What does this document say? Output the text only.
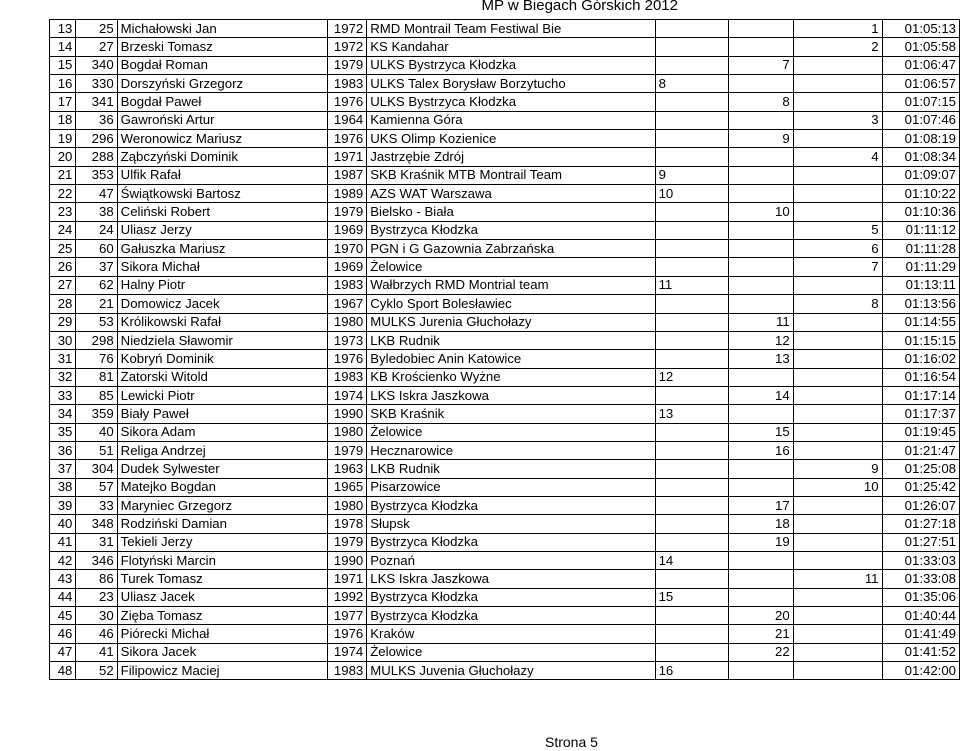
MP w Biegach Górskich 2012
13	25	Michałowski Jan	1972	RMD Montrail Team Festiwal Bie			1	01:05:13
14	27	Brzeski Tomasz	1972	KS Kandahar			2	01:05:58
15	340	Bogdał Roman	1979	ULKS Bystrzyca Kłodzka		7		01:06:47
16	330	Dorszyński Grzegorz	1983	ULKS Talex Borysław Borzytucho	8			01:06:57
17	341	Bogdał Paweł	1976	ULKS Bystrzyca Kłodzka		8		01:07:15
18	36	Gawroński Artur	1964	Kamienna Góra			3	01:07:46
19	296	Weronowicz Mariusz	1976	UKS Olimp Kozienice		9		01:08:19
20	288	Ząbczyński Dominik	1971	Jastrzębie Zdrój			4	01:08:34
21	353	Ulfik Rafał	1987	SKB Kraśnik MTB Montrail Team	9			01:09:07
22	47	Świątkowski Bartosz	1989	AZS WAT Warszawa	10			01:10:22
23	38	Celiński Robert	1979	Bielsko - Biała		10		01:10:36
24	24	Uliasz Jerzy	1969	Bystrzyca Kłodzka			5	01:11:12
25	60	Gałuszka Mariusz	1970	PGN i G Gazownia Zabrzańska			6	01:11:28
26	37	Sikora Michał	1969	Żelowice			7	01:11:29
27	62	Halny Piotr	1983	Wałbrzych RMD Montrial team	11			01:13:11
28	21	Domowicz Jacek	1967	Cyklo Sport Bolesławiec			8	01:13:56
29	53	Królikowski Rafał	1980	MULKS Jurenia Głuchołazy		11		01:14:55
30	298	Niedziela Sławomir	1973	LKB Rudnik		12		01:15:15
31	76	Kobryń Dominik	1976	Byledobiec Anin Katowice		13		01:16:02
32	81	Zatorski Witold	1983	KB Krościenko Wyżne	12			01:16:54
33	85	Lewicki Piotr	1974	LKS Iskra Jaszkowa		14		01:17:14
34	359	Biały Paweł	1990	SKB Kraśnik	13			01:17:37
35	40	Sikora Adam	1980	Żelowice		15		01:19:45
36	51	Religa Andrzej	1979	Hecznarowice		16		01:21:47
37	304	Dudek Sylwester	1963	LKB Rudnik			9	01:25:08
38	57	Matejko Bogdan	1965	Pisarzowice			10	01:25:42
39	33	Maryniec Grzegorz	1980	Bystrzyca Kłodzka		17		01:26:07
40	348	Rodziński Damian	1978	Słupsk		18		01:27:18
41	31	Tekieli Jerzy	1979	Bystrzyca Kłodzka		19		01:27:51
42	346	Flotyński Marcin	1990	Poznań	14			01:33:03
43	86	Turek Tomasz	1971	LKS Iskra Jaszkowa			11	01:33:08
44	23	Uliasz Jacek	1992	Bystrzyca Kłodzka	15			01:35:06
45	30	Zięba Tomasz	1977	Bystrzyca Kłodzka		20		01:40:44
46	46	Piórecki Michał	1976	Kraków		21		01:41:49
47	41	Sikora Jacek	1974	Żelowice		22		01:41:52
48	52	Filipowicz Maciej	1983	MULKS Juvenia Głuchołazy	16			01:42:00
Strona 5
